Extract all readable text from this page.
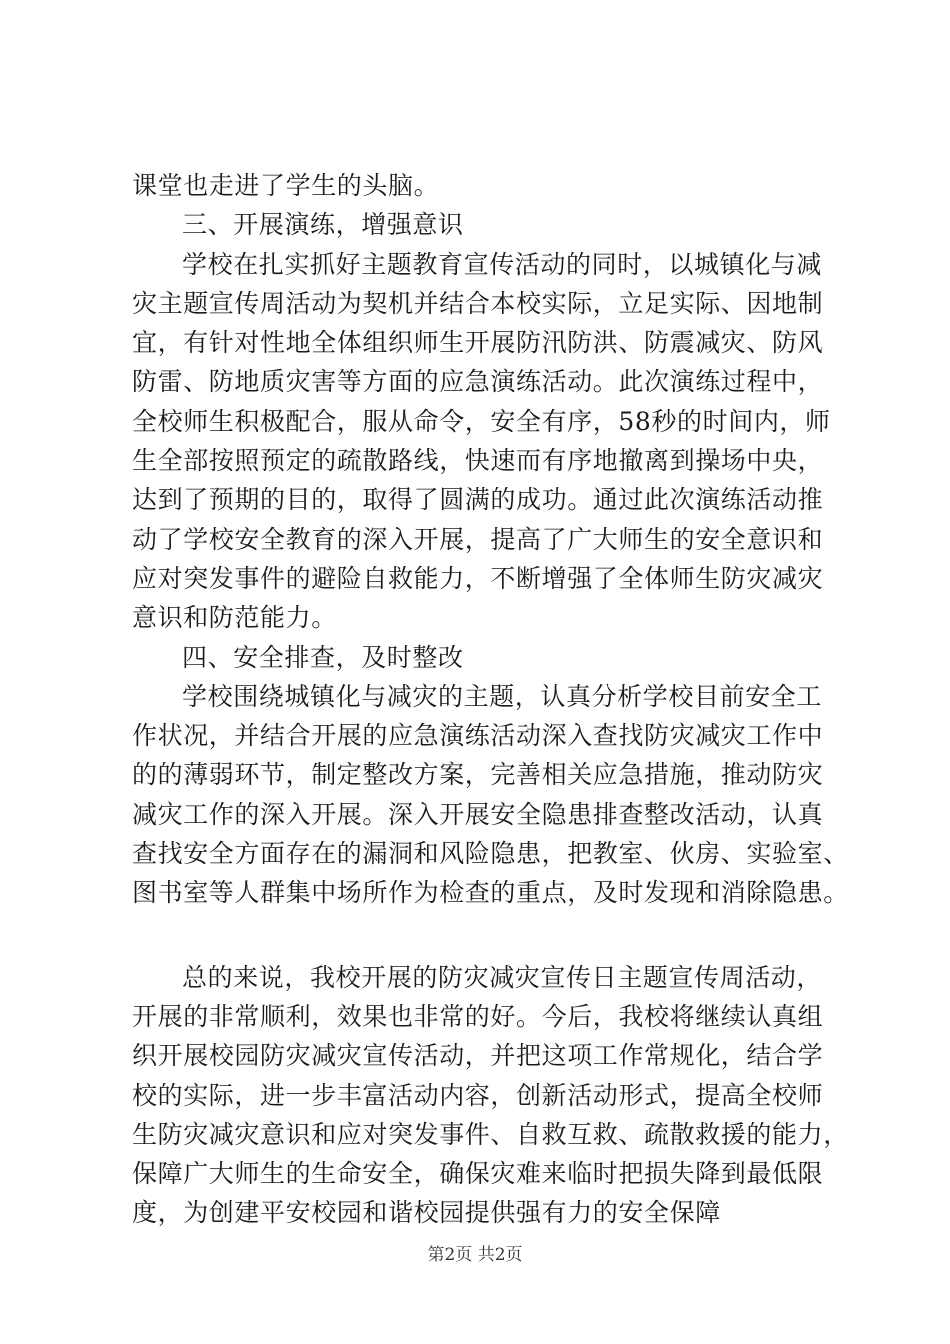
课堂也走进了学生的头脑。
三、开展演练，增强意识
学校在扎实抓好主题教育宣传活动的同时，以城镇化与减
灾主题宣传周活动为契机并结合本校实际，立足实际、因地制
宜，有针对性地全体组织师生开展防汛防洪、防震减灾、防风
防雷、防地质灾害等方面的应急演练活动。此次演练过程中，
全校师生积极配合，服从命令，安全有序，58秒的时间内，师
生全部按照预定的疏散路线，快速而有序地撤离到操场中央，
达到了预期的目的，取得了圆满的成功。通过此次演练活动推
动了学校安全教育的深入开展，提高了广大师生的安全意识和
应对突发事件的避险自救能力，不断增强了全体师生防灾减灾
意识和防范能力。
四、安全排查，及时整改
学校围绕城镇化与减灾的主题，认真分析学校目前安全工
作状况，并结合开展的应急演练活动深入查找防灾减灾工作中
的的薄弱环节，制定整改方案，完善相关应急措施，推动防灾
减灾工作的深入开展。深入开展安全隐患排查整改活动，认真
查找安全方面存在的漏洞和风险隐患，把教室、伙房、实验室、
图书室等人群集中场所作为检查的重点，及时发现和消除隐患。
总的来说，我校开展的防灾减灾宣传日主题宣传周活动，
开展的非常顺利，效果也非常的好。今后，我校将继续认真组
织开展校园防灾减灾宣传活动，并把这项工作常规化，结合学
校的实际，进一步丰富活动内容，创新活动形式，提高全校师
生防灾减灾意识和应对突发事件、自救互救、疏散救援的能力，
保障广大师生的生命安全，确保灾难来临时把损失降到最低限
度，为创建平安校园和谐校园提供强有力的安全保障
第2页 共2页
